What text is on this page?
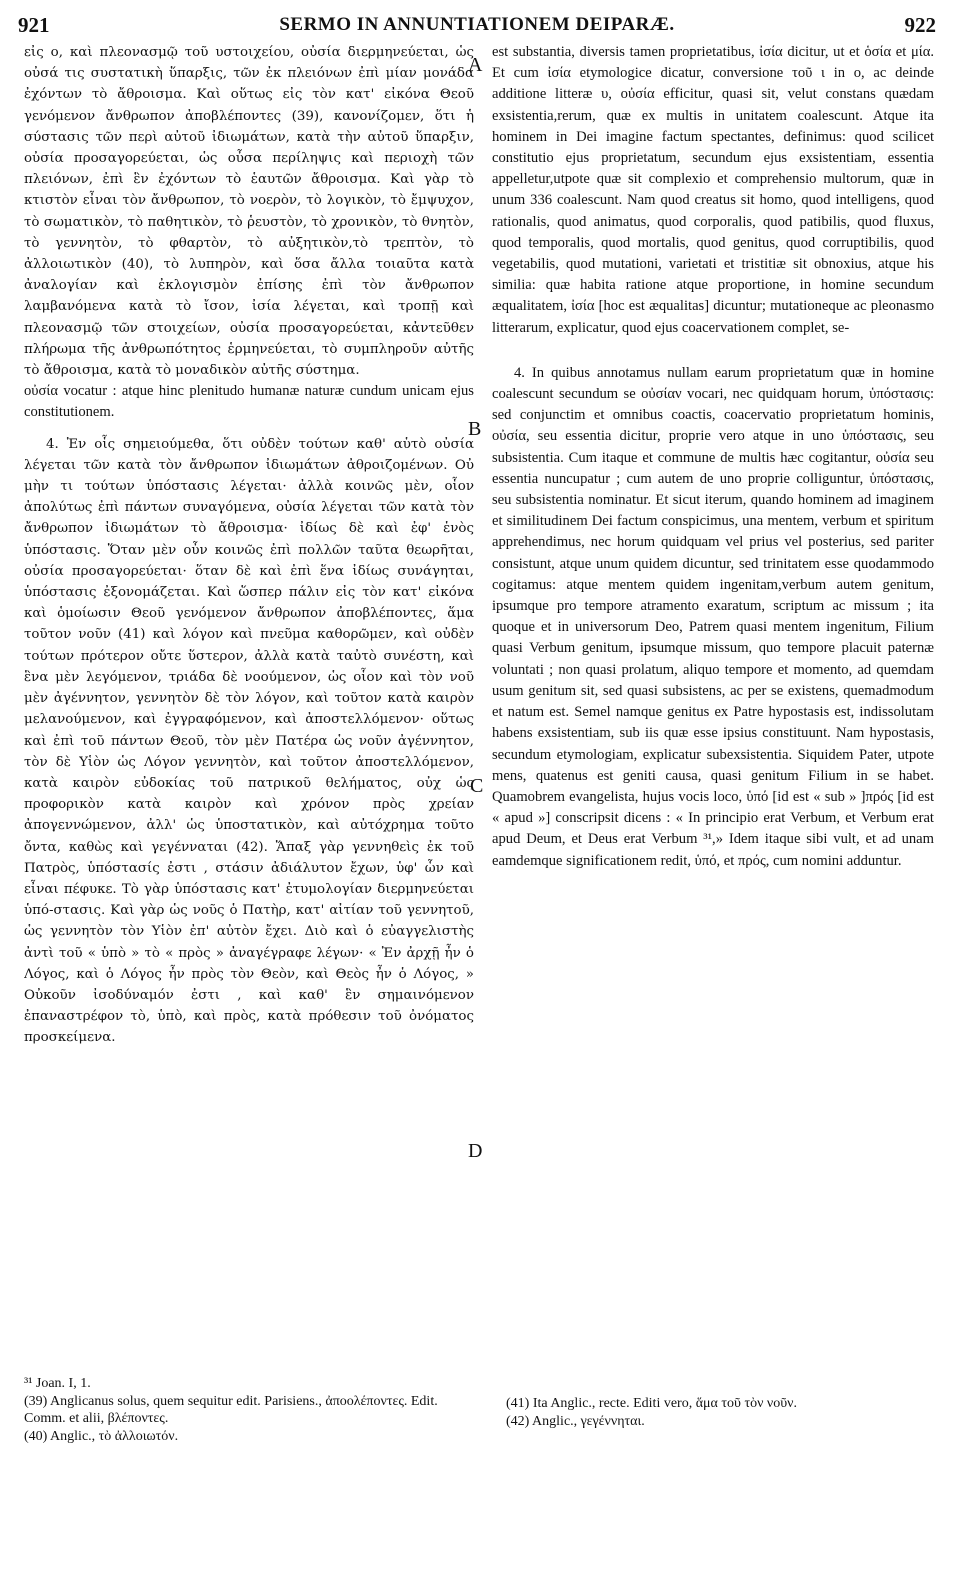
921	SERMO IN ANNUNTIATIONEM DEIPARÆ.	922

εἰς ο, καὶ πλεονασμῷ τοῦ υστοιχείου, οὐσία διερμηνεύεται, ὡς οὐσά τις συστατικὴ ὕπαρξις, τῶν ἐκ πλειόνων ἐπὶ μίαν μονάδα ἐχόντων τὸ ἄθροισμα. Καὶ οὕτως εἰς τὸν κατ' εἰκόνα Θεοῦ γενόμενον ἄνθρωπον ἀποβλέποντες (39), κανονίζομεν, ὅτι ἡ σύστασις τῶν περὶ αὐτοῦ ἰδιωμάτων, κατὰ τὴν αὐτοῦ ὕπαρξιν, οὐσία προσαγορεύεται, ὡς οὖσα περίληψις καὶ περιοχὴ τῶν πλειόνων, ἐπὶ ἓν ἐχόντων τὸ ἑαυτῶν ἄθροισμα. Καὶ γὰρ τὸ κτιστὸν εἶναι τὸν ἄνθρωπον, τὸ νοερὸν, τὸ λογικὸν, τὸ ἔμψυχον, τὸ σωματικὸν, τὸ παθητικὸν, τὸ ῥευστὸν, τὸ χρονικὸν, τὸ θνητὸν, τὸ γεννητὸν, τὸ φθαρτὸν, τὸ αὐξητικὸν,τὸ τρεπτὸν, τὸ ἀλλοιωτικὸν (40), τὸ λυπηρὸν, καὶ ὅσα ἄλλα τοιαῦτα κατὰ ἀναλογίαν καὶ ἐκλογισμὸν ἐπίσης ἐπὶ τὸν ἄνθρωπον λαμβανόμενα κατὰ τὸ ἴσον, ἰσία λέγεται, καὶ τροπῇ καὶ πλεονασμῷ τῶν στοιχείων, οὐσία προσαγορεύεται, κἀντεῦθεν πλήρωμα τῆς ἀνθρωπότητος ἑρμηνεύεται, τὸ συμπληροῦν αὐτῆς τὸ ἄθροισμα, κατὰ τὸ μοναδικὸν αὐτῆς σύστημα.

οὐσία vocatur : atque hinc plenitudo humanæ naturæ cundum unicam ejus constitutionem.

4. Ἐν οἷς σημειούμεθα, ὅτι οὐδὲν τούτων καθ' αὑτὸ οὐσία λέγεται τῶν κατὰ τὸν ἄνθρωπον ἰδιωμάτων ἀθροιζομένων. Οὐ μὴν τι τούτων ὑπόστασις λέγεται· ἀλλὰ κοινῶς μὲν, οἷον ἀπολύτως ἐπὶ πάντων συναγόμενα, οὐσία λέγεται τῶν κατὰ τὸν ἄνθρωπον ἰδιωμάτων τὸ ἄθροισμα· ἰδίως δὲ καὶ ἐφ' ἑνὸς ὑπόστασις. Ὅταν μὲν οὖν κοινῶς ἐπὶ πολλῶν ταῦτα θεωρῆται, οὐσία προσαγορεύεται· ὅταν δὲ καὶ ἐπὶ ἕνα ἰδίως συνάγηται, ὑπόστασις ἐξονομάζεται. Καὶ ὥσπερ πάλιν εἰς τὸν κατ' εἰκόνα καὶ ὁμοίωσιν Θεοῦ γενόμενον ἄνθρωπον ἀποβλέποντες, ἅμα τοῦτον νοῦν (41) καὶ λόγον καὶ πνεῦμα καθορῶμεν, καὶ οὐδὲν τούτων πρότερον οὔτε ὕστερον, ἀλλὰ κατὰ ταὐτὸ συνέστη, καὶ ἓνα μὲν λεγόμενον, τριάδα δὲ νοούμενον, ὡς οἷον καὶ τὸν νοῦ μὲν ἀγέννητον, γεννητὸν δὲ τὸν λόγον, καὶ τοῦτον κατὰ καιρὸν μελανούμενον, καὶ ἐγγραφόμενον, καὶ ἀποστελλόμενον· οὕτως καὶ ἐπὶ τοῦ πάντων Θεοῦ, τὸν μὲν Πατέρα ὡς νοῦν ἀγέννητον, τὸν δὲ Υἱὸν ὡς Λόγον γεννητὸν, καὶ τοῦτον ἀποστελλόμενον, κατὰ καιρὸν εὐδοκίας τοῦ πατρικοῦ θελήματος, οὐχ ὡς προφορικὸν κατὰ καιρὸν καὶ χρόνον πρὸς χρείαν ἀπογεννώμενον, ἀλλ' ὡς ὑποστατικὸν, καὶ αὐτόχρημα τοῦτο ὄντα, καθὼς καὶ γεγένναται (42). Ἅπαξ γὰρ γεννηθεὶς ἐκ τοῦ Πατρὸς, ὑπόστασίς ἐστι , στάσιν ἀδιάλυτον ἔχων, ὑφ' ὧν καὶ εἶναι πέφυκε. Τὸ γὰρ ὑπόστασις κατ' ἐτυμολογίαν διερμηνεύεται ὑπό-στασις. Καὶ γὰρ ὡς νοῦς ὁ Πατὴρ, κατ' αἰτίαν τοῦ γεννητοῦ, ὡς γεννητὸν τὸν Υἱὸν ἐπ' αὐτὸν ἔχει. Διὸ καὶ ὁ εὐαγγελιστὴς ἀντὶ τοῦ « ὑπὸ » τὸ « πρὸς » ἀναγέγραφε λέγων· « Ἐν ἀρχῇ ἦν ὁ Λόγος, καὶ ὁ Λόγος ἦν πρὸς τὸν Θεὸν, καὶ Θεὸς ἦν ὁ Λόγος, » Οὐκοῦν ἰσοδύναμόν ἐστι , καὶ καθ' ἓν σημαινόμενον ἐπαναστρέφον τὸ, ὑπὸ, καὶ πρὸς, κατὰ πρόθεσιν τοῦ ὀνόματος προσκείμενα.

est substantia, diversis tamen proprietatibus, ἰσία dicitur, ut et ὁσία et μία. Et cum ἰσία etymologice dicatur, conversione τοῦ ι in ο, ac deinde additione litteræ υ, οὐσία efficitur, quasi sit, velut constans quædam exsistentia,rerum, quæ ex multis in unitatem coalescunt. Atque ita hominem in Dei imagine factum spectantes, definimus: quod scilicet constitutio ejus proprietatum, secundum ejus exsistentiam, essentia appelletur,utpote quæ sit complexio et comprehensio multorum, quæ in unum 336 coalescunt. Nam quod creatus sit homo, quod intelligens, quod rationalis, quod animatus, quod corporalis, quod patibilis, quod fluxus, quod temporalis, quod mortalis, quod genitus, quod corruptibilis, quod vegetabilis, quod mutationi, varietati et tristitiæ sit obnoxius, atque his similia: quæ habita ratione atque proportione, in homine secundum æqualitatem, ἰσία [hoc est æqualitas] dicuntur; mutationeque ac pleonasmo litterarum, explicatur, quod ejus coacervationem complet, se-

4. In quibus annotamus nullam earum proprietatum quæ in homine coalescunt secundum se οὐσίαν vocari, nec quidquam horum, ὑπόστασις: sed conjunctim et omnibus coactis, coacervatio proprietatum hominis, οὐσία, seu essentia dicitur, proprie vero atque in uno ὑπόστασις, seu subsistentia. Cum itaque et commune de multis hæc cogitantur, οὐσία seu essentia nuncupatur ; cum autem de uno proprie colliguntur, ὑπόστασις, seu subsistentia nominatur. Et sicut iterum, quando hominem ad imaginem et similitudinem Dei factum conspicimus, una mentem, verbum et spiritum apprehendimus, nec horum quidquam vel prius vel posterius, sed pariter consistunt, atque unum quidem dicuntur, sed trinitatem esse quodammodo cogitamus: atque mentem quidem ingenitam,verbum autem genitum, ipsumque pro tempore atramento exaratum, scriptum ac missum ; ita quoque et in universorum Deo, Patrem quasi mentem ingenitum, Filium quasi Verbum genitum, ipsumque missum, quo tempore placuit paternæ voluntati ; non quasi prolatum, aliquo tempore et momento, ad quemdam usum genitum sit, sed quasi subsistens, ac per se existens, quemadmodum et natum est. Semel namque genitus ex Patre hypostasis est, indissolutam habens exsistentiam, sub iis quæ esse ipsius constituunt. Nam hypostasis, secundum etymologiam, explicatur subexsistentia. Siquidem Pater, utpote mens, quatenus est geniti causa, quasi genitum Filium in se habet. Quamobrem evangelista, hujus vocis loco, ὑπό [id est « sub » ]πρός [id est « apud »] conscripsit dicens : « In principio erat Verbum, et Verbum erat apud Deum, et Deus erat Verbum ³¹,» Idem itaque sibi vult, et ad unam eamdemque significationem redit, ὑπό, et πρός, cum nomini adduntur.

A
B
C
D

³¹ Joan. I, 1.

(39) Anglicanus solus, quem sequitur edit. Parisiens., ἀποολέποντες. Edit. Comm. et alii, βλέποντες.

(40) Anglic., τὸ ἀλλοιωτόν.

(41) Ita Anglic., recte. Editi vero, ἅμα τοῦ τὸν νοῦν.

(42) Anglic., γεγέννηται.
